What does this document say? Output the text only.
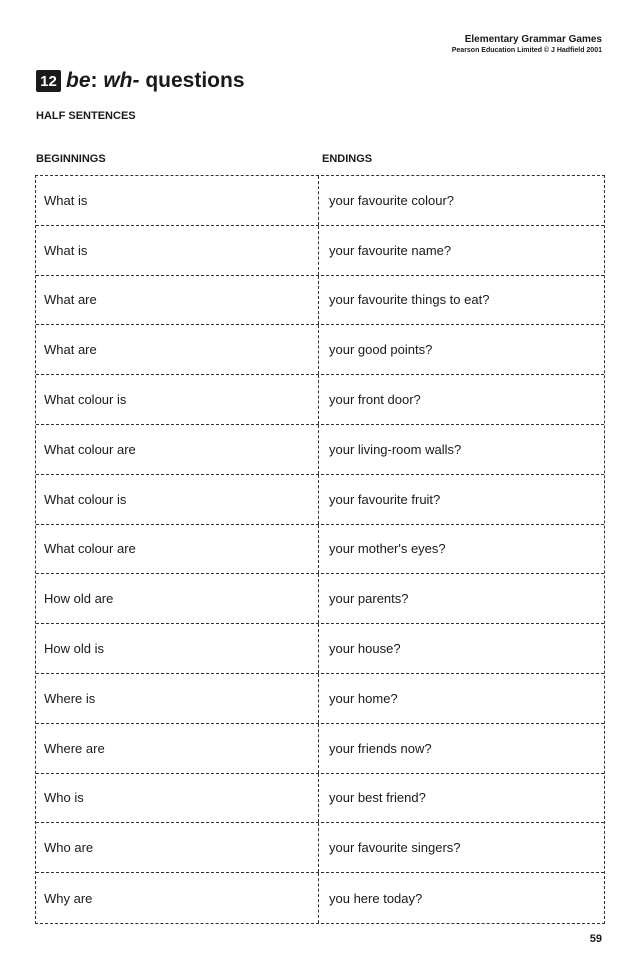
Elementary Grammar Games
Pearson Education Limited © J Hadfield 2001
12 be: wh- questions
HALF SENTENCES
BEGINNINGS	ENDINGS
What is	your favourite colour?
What is	your favourite name?
What are	your favourite things to eat?
What are	your good points?
What colour is	your front door?
What colour are	your living-room walls?
What colour is	your favourite fruit?
What colour are	your mother's eyes?
How old are	your parents?
How old is	your house?
Where is	your home?
Where are	your friends now?
Who is	your best friend?
Who are	your favourite singers?
Why are	you here today?
59
